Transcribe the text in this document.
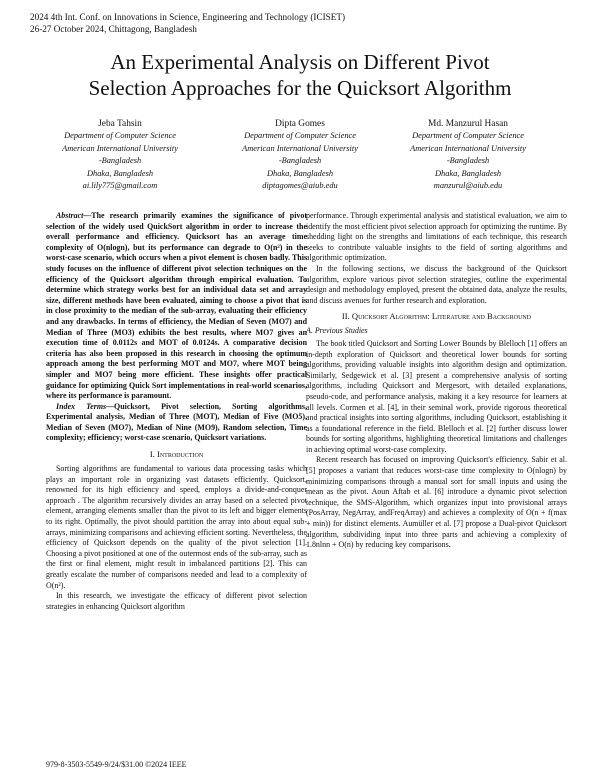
2024 4th Int. Conf. on Innovations in Science, Engineering and Technology (ICISET)
26-27 October 2024, Chittagong, Bangladesh
An Experimental Analysis on Different Pivot
Selection Approaches for the Quicksort Algorithm
Jeba Tahsin
Department of Computer Science
American International University
-Bangladesh
Dhaka, Bangladesh
ai.lily775@gmail.com
Dipta Gomes
Department of Computer Science
American International University
-Bangladesh
Dhaka, Bangladesh
diptagomes@aiub.edu
Md. Manzurul Hasan
Department of Computer Science
American International University
-Bangladesh
Dhaka, Bangladesh
manzurul@aiub.edu

Abstract—The research primarily examines the significance of pivot selection of the widely used QuickSort algorithm in order to increase the overall performance and efficiency. Quicksort has an average time complexity of O(nlogn), but its performance can degrade to O(n²) in the worst-case scenario, which occurs when a pivot element is chosen badly. This study focuses on the influence of different pivot selection techniques on the efficiency of the Quicksort algorithm through empirical evaluation. To determine which strategy works best for an individual data set and array size, different methods have been evaluated, aiming to choose a pivot that is in close proximity to the median of the sub-array, evaluating their efficiency and any drawbacks. In terms of efficiency, the Median of Seven (MO7) and Median of Three (MO3) exhibits the best results, where MO7 gives an execution time of 0.0112s and MOT of 0.0124s. A comparative decision criteria has also been proposed in this research in choosing the optimum approach among the best performing MOT and MO7, where MOT being simpler and MO7 being more efficient. These insights offer practical guidance for optimizing Quick Sort implementations in real-world scenarios, where its performance is paramount.

Index Terms—Quicksort, Pivot selection, Sorting algorithms, Experimental analysis, Median of Three (MOT), Median of Five (MO5), Median of Seven (MO7), Median of Nine (MO9), Random selection, Time complexity; efficiency; worst-case scenario, Quicksort variations.

I. Introduction

Sorting algorithms are fundamental to various data processing tasks which plays an important role in organizing vast datasets efficiently. Quicksort, renowned for its high efficiency and speed, employs a divide-and-conquer approach . The algorithm recursively divides an array based on a selected pivot element, arranging elements smaller than the pivot to its left and bigger elements to its right. Optimally, the pivot should partition the array into about equal sub-arrays, minimizing comparisons and achieving efficient sorting. Nevertheless, the efficiency of Quicksort depends on the quality of the pivot selection [1]. Choosing a pivot positioned at one of the outermost ends of the sub-array, such as the first or final element, might result in imbalanced partitions [2]. This can greatly escalate the number of comparisons needed and lead to a complexity of O(n²).

In this research, we investigate the efficacy of different pivot selection strategies in enhancing Quicksort algorithm

performance. Through experimental analysis and statistical evaluation, we aim to identify the most efficient pivot selection approach for optimizing the runtime. By shedding light on the strengths and limitations of each technique, this research seeks to contribute valuable insights to the field of sorting algorithms and algorithmic optimization.

In the following sections, we discuss the background of the Quicksort algorithm, explore various pivot selection strategies, outline the experimental design and methodology employed, present the obtained data, analyze the results, and discuss avenues for further research and exploration.

II. Quicksort Algorithm: Literature and Background
A. Previous Studies

The book titled Quicksort and Sorting Lower Bounds by Blelloch [1] offers an in-depth exploration of Quicksort and theoretical lower bounds for sorting algorithms, providing valuable insights into algorithm design and optimization. Similarly, Sedgewick et al. [3] present a comprehensive analysis of sorting algorithms, including Quicksort and Mergesort, with detailed explanations, pseudo-code, and performance analysis, making it a key resource for learners at all levels. Cormen et al. [4], in their seminal work, provide rigorous theoretical and practical insights into sorting algorithms, including Quicksort, establishing it as a foundational reference in the field. Blelloch et al. [2] further discuss lower bounds for sorting algorithms, highlighting theoretical limitations and challenges in achieving optimal worst-case complexity.

Recent research has focused on improving Quicksort's efficiency. Sabir et al. [5] proposes a variant that reduces worst-case time complexity to O(nlogn) by minimizing comparisons through a manual sort for small inputs and using the mean as the pivot. Aoun Aftab et al. [6] introduce a dynamic pivot selection technique, the SMS-Algorithm, which organizes input into provisional arrays (PosArray, NegArray, andFreqArray) and achieves a complexity of O(n + f(max + min)) for distinct elements. Aumüller et al. [7] propose a Dual-pivot Quicksort algorithm, subdividing input into three parts and achieving a complexity of 1.8nlnn + O(n) by reducing key comparisons.

979-8-3503-5549-9/24/$31.00 ©2024 IEEE
